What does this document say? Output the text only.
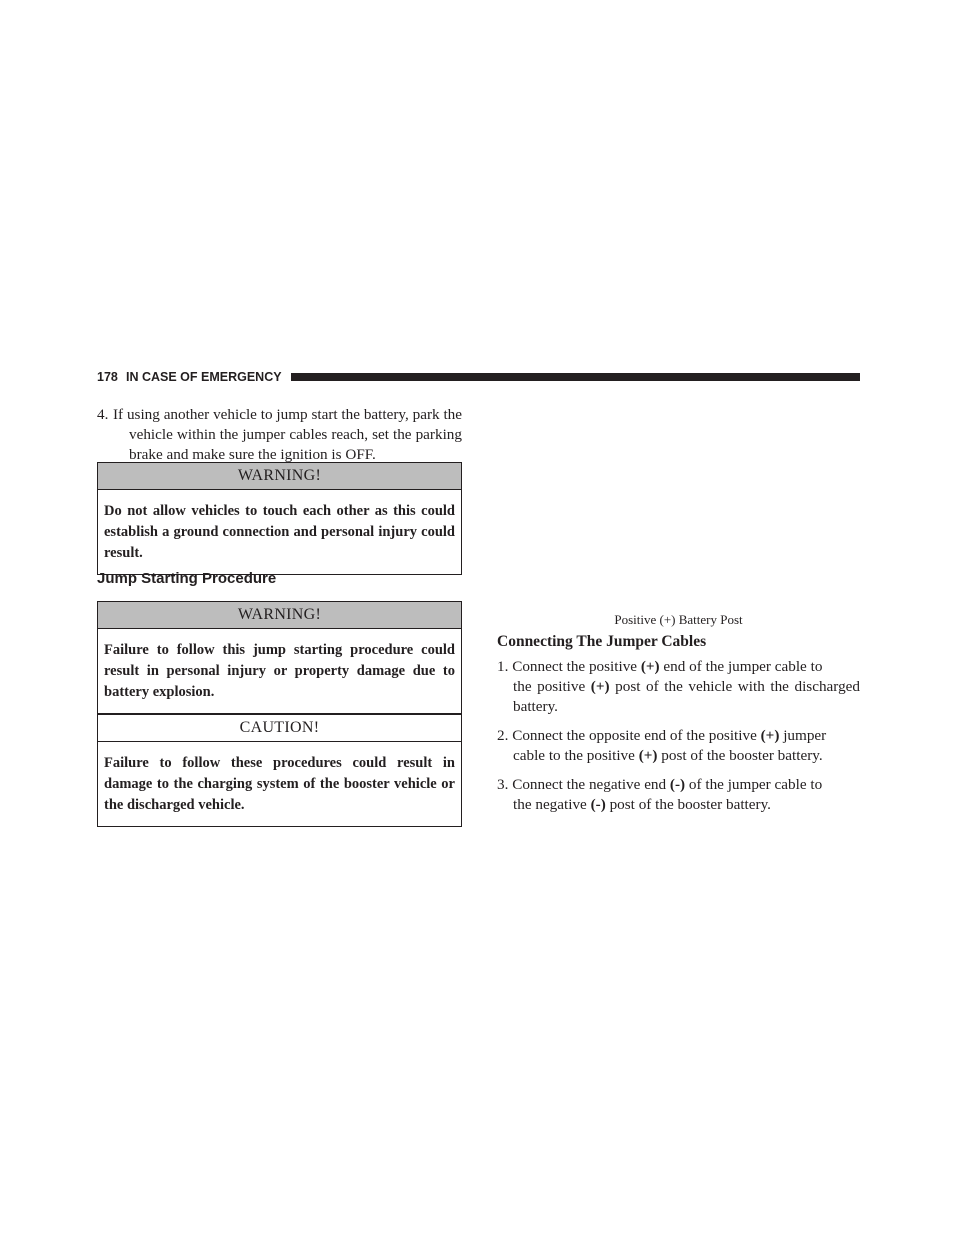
178 IN CASE OF EMERGENCY
4. If using another vehicle to jump start the battery, park the vehicle within the jumper cables reach, set the parking brake and make sure the ignition is OFF.
WARNING!
Do not allow vehicles to touch each other as this could establish a ground connection and personal injury could result.
Jump Starting Procedure
WARNING!
Failure to follow this jump starting procedure could result in personal injury or property damage due to battery explosion.
CAUTION!
Failure to follow these procedures could result in damage to the charging system of the booster vehicle or the discharged vehicle.
Positive (+) Battery Post
Connecting The Jumper Cables
1. Connect the positive (+) end of the jumper cable to
the positive (+) post of the vehicle with the discharged battery.
2. Connect the opposite end of the positive (+) jumper
cable to the positive (+) post of the booster battery.
3. Connect the negative end (-) of the jumper cable to
the negative (-) post of the booster battery.
